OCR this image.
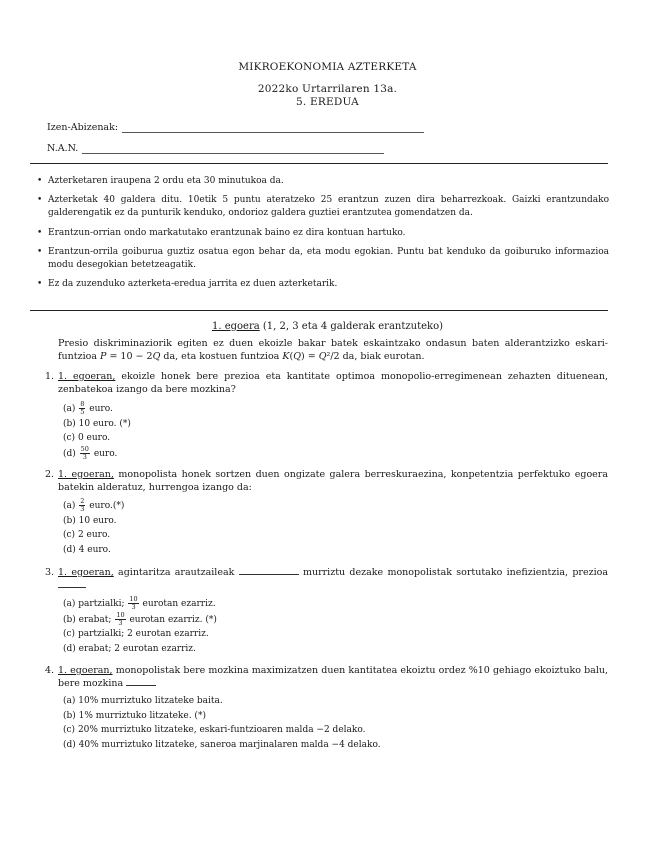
MIKROEKONOMIA AZTERKETA
2022ko Urtarrilaren 13a.
5. EREDUA
Izen-Abizenak:
N.A.N.
• Azterketaren iraupena 2 ordu eta 30 minutukoa da.
• Azterketak 40 galdera ditu. 10etik 5 puntu ateratzeko 25 erantzun zuzen dira beharrezkoak. Gaizki erantzundako galderengatik ez da punturik kenduko, ondorioz galdera guztiei erantzutea gomendatzen da.
• Erantzun-orrian ondo markatutako erantzunak baino ez dira kontuan hartuko.
• Erantzun-orrila goiburua guztiz osatua egon behar da, eta modu egokian. Puntu bat kenduko da goiburuko informazioa modu desegokian betetzeagatik.
• Ez da zuzenduko azterketa-eredua jarrita ez duen azterketarik.
1. egoera (1, 2, 3 eta 4 galderak erantzuteko)
Presio diskriminaziorik egiten ez duen ekoizle bakar batek eskaintzako ondasun baten alderantzizko eskari-funtzioa P = 10 − 2Q da, eta kostuen funtzioa K(Q) = Q²/2 da, biak eurotan.
1. 1. egoeran, ekoizle honek bere prezioa eta kantitate optimoa monopolio-erregimenean zehazten dituenean, zenbatekoa izango da bere mozkina?
$(a) \frac{8}{5}$ euro.
(b) 10 euro. (*)
(c) 0 euro.
$(d) \frac{50}{3}$ euro.
2. 1. egoeran, monopolista honek sortzen duen ongizate galera berreskuraezina, konpetentzia perfektuko egoera batekin alderatuz, hurrengoa izango da:
$(a) \frac{2}{3}$ euro.(*)
(b) 10 euro.
(c) 2 euro.
(d) 4 euro.
3. 1. egoeran, agintaritza arautzaileak	murriztu dezake monopolistak sortutako inefizientzia, prezioa
(a) partzialki; $\frac{10}{3}$ eurotan ezarriz.
(b) erabat; $\frac{10}{3}$ eurotan ezarriz. (*)
(c) partzialki; 2 eurotan ezarriz.
(d) erabat; 2 eurotan ezarriz.
4. 1. egoeran, monopolistak bere mozkina maximizatzen duen kantitatea ekoiztu ordez %10 gehiago ekoiztuko balu, bere mozkina
(a) 10% murriztuko litzateke baita.
(b) 1% murriztuko litzateke. (*)
(c) 20% murriztuko litzateke, eskari-funtzioaren malda −2 delako.
(d) 40% murriztuko litzateke, saneroa marjinalaren malda −4 delako.
